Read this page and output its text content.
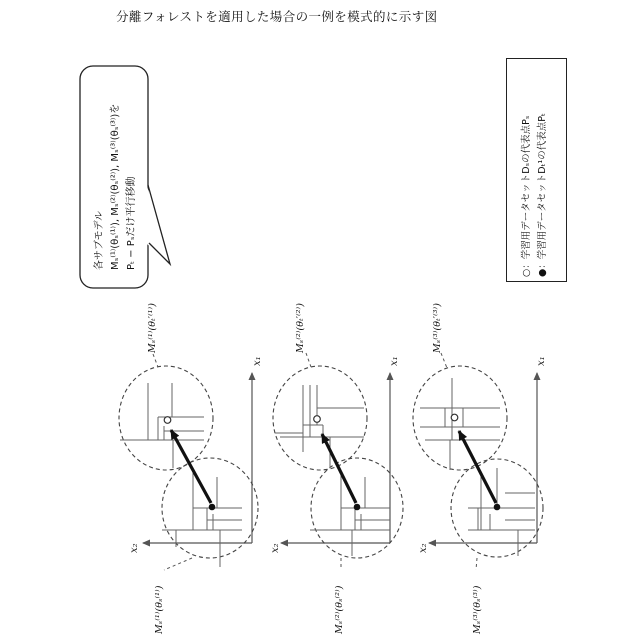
分離フォレストを適用した場合の一例を模式的に示す図
各サブモデル Mₛ⁽¹⁾(θₛ⁽¹⁾), Mₛ⁽²⁾(θₛ⁽²⁾), Mₛ⁽³⁾(θₛ⁽³⁾)を Pₜ − Pₛだけ平行移動	○：学習用データセットDₛの代表点Pₛ ●：学習用データセットDₜ¹の代表点Pₜ
Mₛ⁽¹⁾(θₜ′⁽¹⁾)
Mₛ⁽¹⁾(θₛ⁽¹⁾)
x₁
x₂
Mₛ⁽²⁾(θₜ′⁽²⁾)
Mₛ⁽²⁾(θₛ⁽²⁾)
x₁
x₂
Mₛ⁽³⁾(θₜ′⁽³⁾)
Mₛ⁽³⁾(θₛ⁽³⁾)
x₁
x₂
